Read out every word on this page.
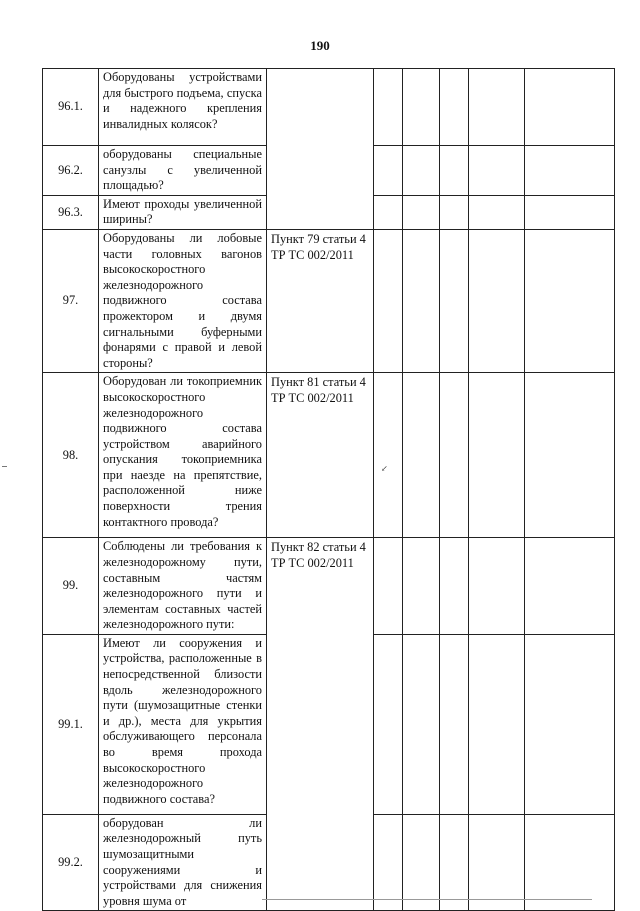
190
96.1.	Оборудованы устройствами для быстрого подъема, спуска и надежного крепления инвалидных колясок?						

96.2.	оборудованы специальные санузлы с увеличенной площадью?						

96.3.	Имеют проходы увеличенной ширины?						

97.	Оборудованы ли лобовые части головных вагонов высокоскоростного железнодорожного подвижного состава прожектором и двумя сигнальными буферными фонарями с правой и левой стороны?	Пункт 79 статьи 4 ТР ТС 002/2011					
98.	Оборудован ли токоприемник высокоскоростного железнодорожного подвижного состава устройством аварийного опускания токоприемника при наезде на препятствие, расположенной ниже поверхности трения контактного провода?	Пункт 81 статьи 4 ТР ТС 002/2011					
99.	Соблюдены ли требования к железнодорожному пути, составным частям железнодорожного пути и элементам составных частей железнодорожного пути:	Пункт 82 статьи 4 ТР ТС 002/2011					
99.1.	Имеют ли сооружения и устройства, расположенные в непосредственной близости вдоль железнодорожного пути (шумозащитные стенки и др.), места для укрытия обслуживающего персонала во время прохода высокоскоростного железнодорожного подвижного состава?						

99.2.	оборудован ли железнодорожный путь шумозащитными сооружениями и устройствами для снижения уровня шума от						

↙
